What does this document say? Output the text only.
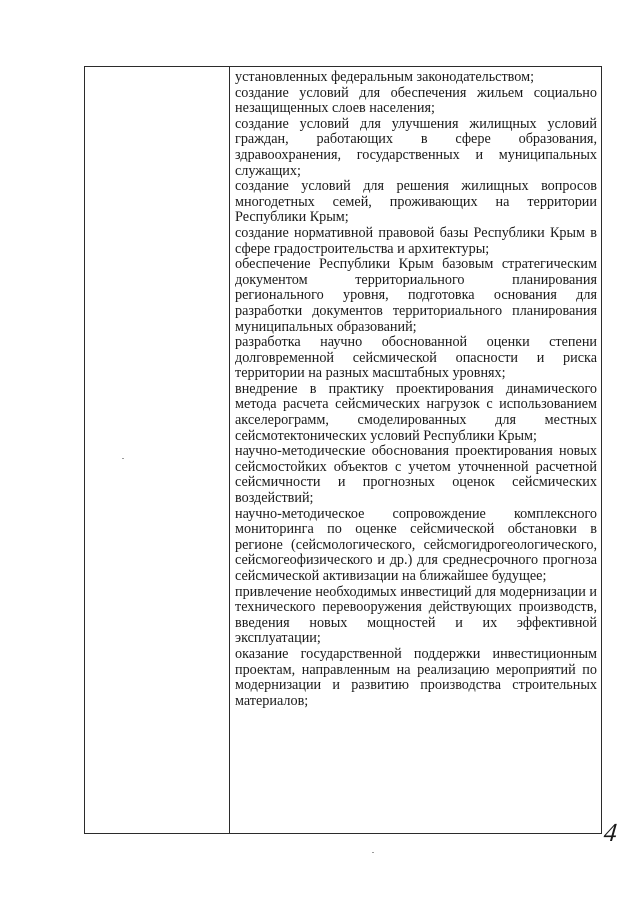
установленных федеральным законодательством;

создание условий для обеспечения жильем социально незащищенных слоев населения;

создание условий для улучшения жилищных условий граждан, работающих в сфере образования, здравоохранения, государственных и муниципальных служащих;

создание условий для решения жилищных вопросов многодетных семей, проживающих на территории Республики Крым;

создание нормативной правовой базы Республики Крым в сфере градостроительства и архитектуры;

обеспечение Республики Крым базовым стратегическим документом территориального планирования регионального уровня, подготовка основания для разработки документов территориального планирования муниципальных образований;

разработка научно обоснованной оценки степени долговременной сейсмической опасности и риска территории на разных масштабных уровнях;

внедрение в практику проектирования динамического метода расчета сейсмических нагрузок с использованием акселерограмм, смоделированных для местных сейсмотектонических условий Республики Крым;

научно-методические обоснования проектирования новых сейсмостойких объектов с учетом уточненной расчетной сейсмичности и прогнозных оценок сейсмических воздействий;

научно-методическое сопровождение комплексного мониторинга по оценке сейсмической обстановки в регионе (сейсмологического, сейсмогидрогеологического, сейсмогеофизического и др.) для среднесрочного прогноза сейсмической активизации на ближайшее будущее;

привлечение необходимых инвестиций для модернизации и технического перевооружения действующих производств, введения новых мощностей и их эффективной эксплуатации;

оказание государственной поддержки инвестиционным проектам, направленным на реализацию мероприятий по модернизации и развитию производства строительных материалов;

4
